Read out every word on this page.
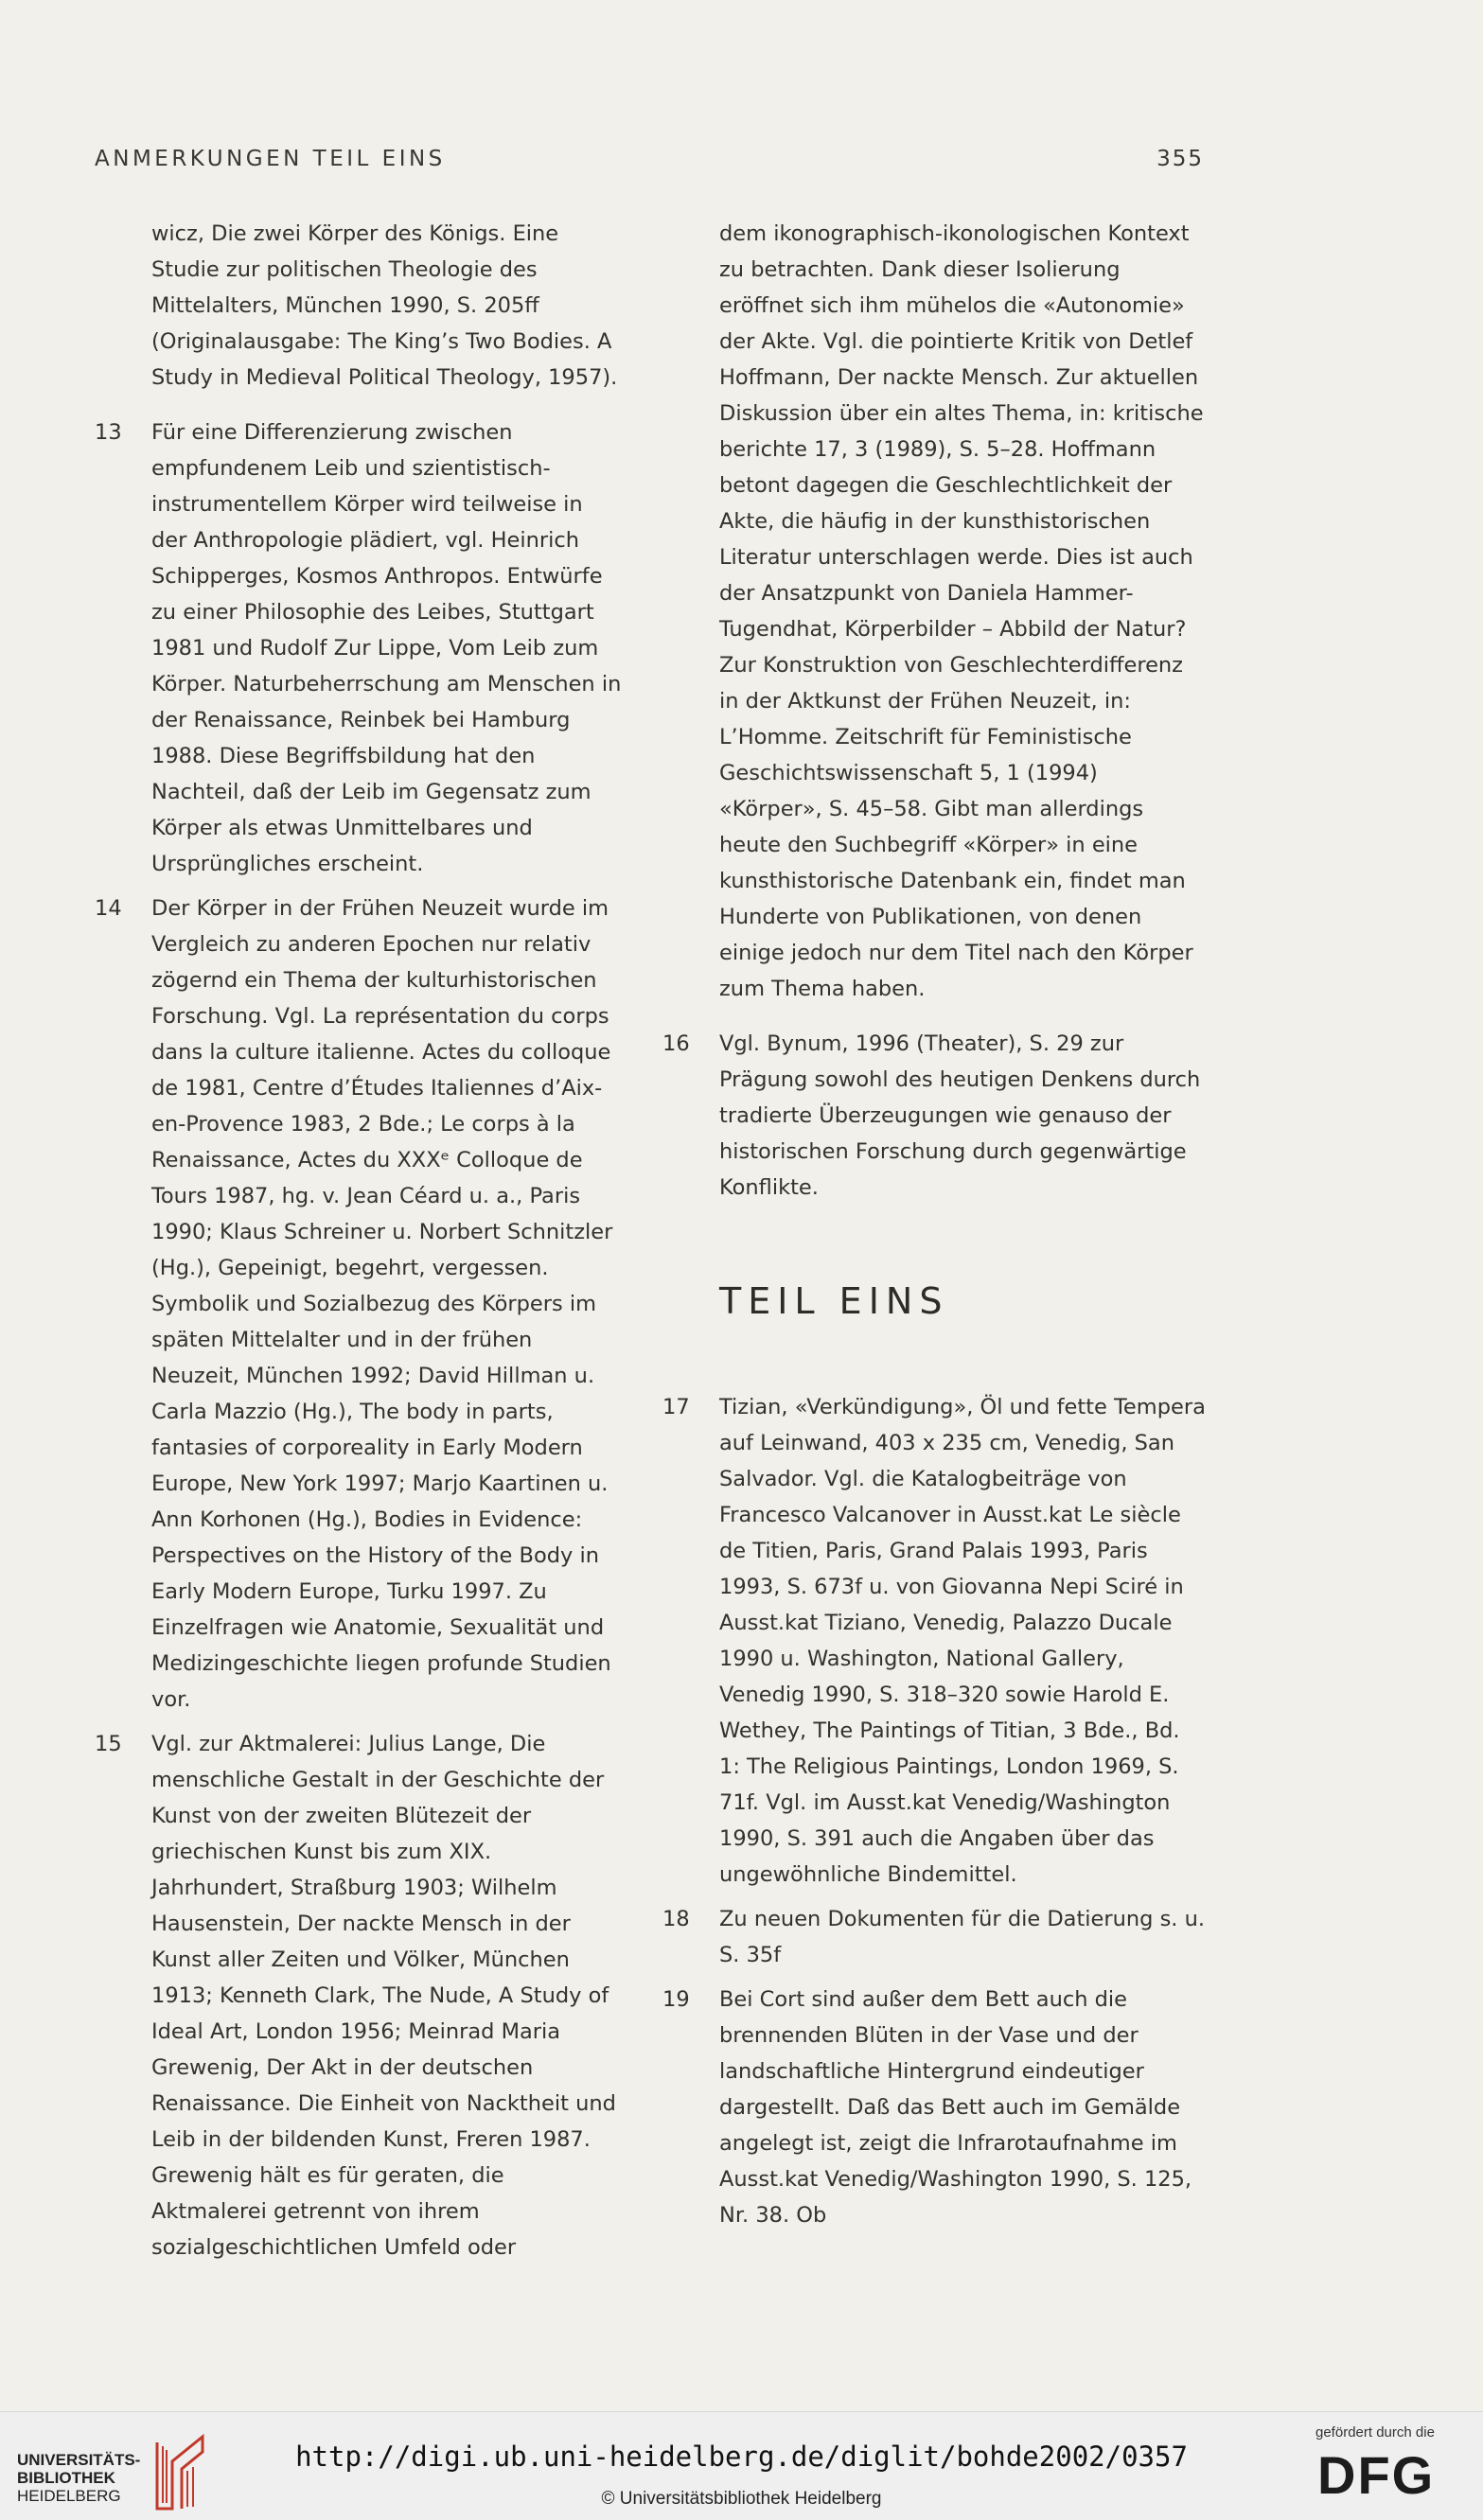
ANMERKUNGEN TEIL EINS	355
wicz, Die zwei Körper des Königs. Eine Studie zur politischen Theologie des Mittelalters, München 1990, S. 205ff (Originalausgabe: The King’s Two Bodies. A Study in Medieval Political Theology, 1957).
13 Für eine Differenzierung zwischen empfundenem Leib und szientistisch-instrumentellem Körper wird teilweise in der Anthropologie plädiert, vgl. Heinrich Schipperges, Kosmos Anthropos. Entwürfe zu einer Philosophie des Leibes, Stuttgart 1981 und Rudolf Zur Lippe, Vom Leib zum Körper. Naturbeherrschung am Menschen in der Renaissance, Reinbek bei Hamburg 1988. Diese Begriffsbildung hat den Nachteil, daß der Leib im Gegensatz zum Körper als etwas Unmittelbares und Ursprüngliches erscheint.
14 Der Körper in der Frühen Neuzeit wurde im Vergleich zu anderen Epochen nur relativ zögernd ein Thema der kulturhistorischen Forschung. Vgl. La représentation du corps dans la culture italienne. Actes du colloque de 1981, Centre d’Études Italiennes d’Aix-en-Provence 1983, 2 Bde.; Le corps à la Renaissance, Actes du XXXᵉ Colloque de Tours 1987, hg. v. Jean Céard u. a., Paris 1990; Klaus Schreiner u. Norbert Schnitzler (Hg.), Gepeinigt, begehrt, vergessen. Symbolik und Sozialbezug des Körpers im späten Mittelalter und in der frühen Neuzeit, München 1992; David Hillman u. Carla Mazzio (Hg.), The body in parts, fantasies of corporeality in Early Modern Europe, New York 1997; Marjo Kaartinen u. Ann Korhonen (Hg.), Bodies in Evidence: Perspectives on the History of the Body in Early Modern Europe, Turku 1997. Zu Einzelfragen wie Anatomie, Sexualität und Medizingeschichte liegen profunde Studien vor.
15 Vgl. zur Aktmalerei: Julius Lange, Die menschliche Gestalt in der Geschichte der Kunst von der zweiten Blütezeit der griechischen Kunst bis zum XIX. Jahrhundert, Straßburg 1903; Wilhelm Hausenstein, Der nackte Mensch in der Kunst aller Zeiten und Völker, München 1913; Kenneth Clark, The Nude, A Study of Ideal Art, London 1956; Meinrad Maria Grewenig, Der Akt in der deutschen Renaissance. Die Einheit von Nacktheit und Leib in der bildenden Kunst, Freren 1987. Grewenig hält es für geraten, die Aktmalerei getrennt von ihrem sozialgeschichtlichen Umfeld oder
dem ikonographisch-ikonologischen Kontext zu betrachten. Dank dieser Isolierung eröffnet sich ihm mühelos die «Autonomie» der Akte. Vgl. die pointierte Kritik von Detlef Hoffmann, Der nackte Mensch. Zur aktuellen Diskussion über ein altes Thema, in: kritische berichte 17, 3 (1989), S. 5–28. Hoffmann betont dagegen die Geschlechtlichkeit der Akte, die häufig in der kunsthistorischen Literatur unterschlagen werde. Dies ist auch der Ansatzpunkt von Daniela Hammer-Tugendhat, Körperbilder – Abbild der Natur? Zur Konstruktion von Geschlechterdifferenz in der Aktkunst der Frühen Neuzeit, in: L’Homme. Zeitschrift für Feministische Geschichtswissenschaft 5, 1 (1994) «Körper», S. 45–58. Gibt man allerdings heute den Suchbegriff «Körper» in eine kunsthistorische Datenbank ein, findet man Hunderte von Publikationen, von denen einige jedoch nur dem Titel nach den Körper zum Thema haben.
16 Vgl. Bynum, 1996 (Theater), S. 29 zur Prägung sowohl des heutigen Denkens durch tradierte Überzeugungen wie genauso der historischen Forschung durch gegenwärtige Konflikte.
TEIL EINS
17 Tizian, «Verkündigung», Öl und fette Tempera auf Leinwand, 403 x 235 cm, Venedig, San Salvador. Vgl. die Katalogbeiträge von Francesco Valcanover in Ausst.kat Le siècle de Titien, Paris, Grand Palais 1993, Paris 1993, S. 673f u. von Giovanna Nepi Sciré in Ausst.kat Tiziano, Venedig, Palazzo Ducale 1990 u. Washington, National Gallery, Venedig 1990, S. 318–320 sowie Harold E. Wethey, The Paintings of Titian, 3 Bde., Bd. 1: The Religious Paintings, London 1969, S. 71f. Vgl. im Ausst.kat Venedig/Washington 1990, S. 391 auch die Angaben über das ungewöhnliche Bindemittel.
18 Zu neuen Dokumenten für die Datierung s. u. S. 35f
19 Bei Cort sind außer dem Bett auch die brennenden Blüten in der Vase und der landschaftliche Hintergrund eindeutiger dargestellt. Daß das Bett auch im Gemälde angelegt ist, zeigt die Infrarotaufnahme im Ausst.kat Venedig/Washington 1990, S. 125, Nr. 38. Ob
UNIVERSITÄTS-
BIBLIOTHEK
HEIDELBERG
http://digi.ub.uni-heidelberg.de/diglit/bohde2002/0357
© Universitätsbibliothek Heidelberg
gefördert durch die
DFG
